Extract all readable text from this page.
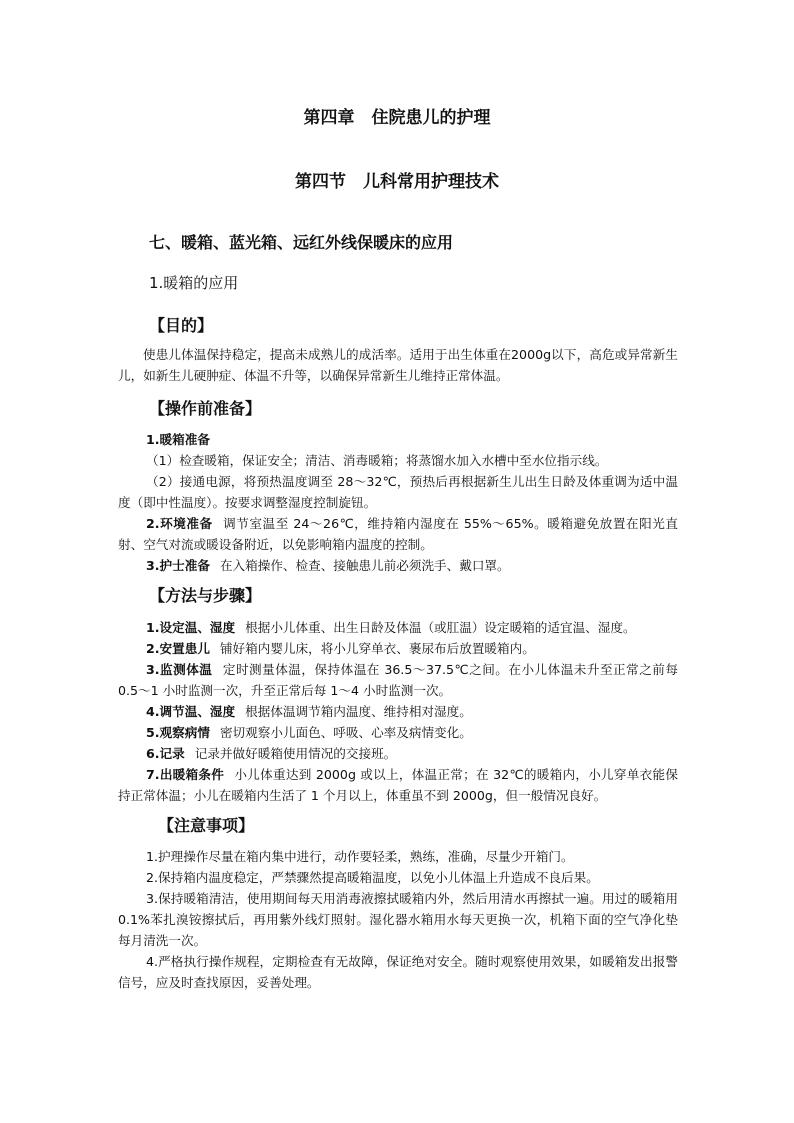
第四章　住院患儿的护理
第四节　儿科常用护理技术
七、暖箱、蓝光箱、远红外线保暖床的应用
1.暖箱的应用
【目的】
使患儿体温保持稳定，提高未成熟儿的成活率。适用于出生体重在2000g以下，高危或异常新生儿，如新生儿硬肿症、体温不升等，以确保异常新生儿维持正常体温。
【操作前准备】
1.暖箱准备
（1）检查暖箱，保证安全；清洁、消毒暖箱；将蒸馏水加入水槽中至水位指示线。
（2）接通电源，将预热温度调至 28～32℃，预热后再根据新生儿出生日龄及体重调为适中温度（即中性温度）。按要求调整湿度控制旋钮。
2.环境准备 调节室温至 24～26℃，维持箱内湿度在 55%～65%。暖箱避免放置在阳光直射、空气对流或暖设备附近，以免影响箱内温度的控制。
3.护士准备 在入箱操作、检查、接触患儿前必须洗手、戴口罩。
【方法与步骤】
1.设定温、湿度 根据小儿体重、出生日龄及体温（或肛温）设定暖箱的适宜温、湿度。
2.安置患儿 铺好箱内婴儿床，将小儿穿单衣、裹尿布后放置暖箱内。
3.监测体温 定时测量体温，保持体温在 36.5～37.5℃之间。在小儿体温未升至正常之前每 0.5～1 小时监测一次，升至正常后每 1～4 小时监测一次。
4.调节温、湿度 根据体温调节箱内温度、维持相对湿度。
5.观察病情 密切观察小儿面色、呼吸、心率及病情变化。
6.记录 记录并做好暖箱使用情况的交接班。
7.出暖箱条件 小儿体重达到 2000g 或以上，体温正常；在 32℃的暖箱内，小儿穿单衣能保持正常体温；小儿在暖箱内生活了 1 个月以上，体重虽不到 2000g，但一般情况良好。
【注意事项】
1.护理操作尽量在箱内集中进行，动作要轻柔，熟练，准确，尽量少开箱门。
2.保持箱内温度稳定，严禁骤然提高暖箱温度，以免小儿体温上升造成不良后果。
3.保持暖箱清洁，使用期间每天用消毒液擦拭暖箱内外，然后用清水再擦拭一遍。用过的暖箱用 0.1%苯扎溴铵擦拭后，再用紫外线灯照射。湿化器水箱用水每天更换一次，机箱下面的空气净化垫每月清洗一次。
4.严格执行操作规程，定期检查有无故障，保证绝对安全。随时观察使用效果，如暖箱发出报警信号，应及时查找原因，妥善处理。
